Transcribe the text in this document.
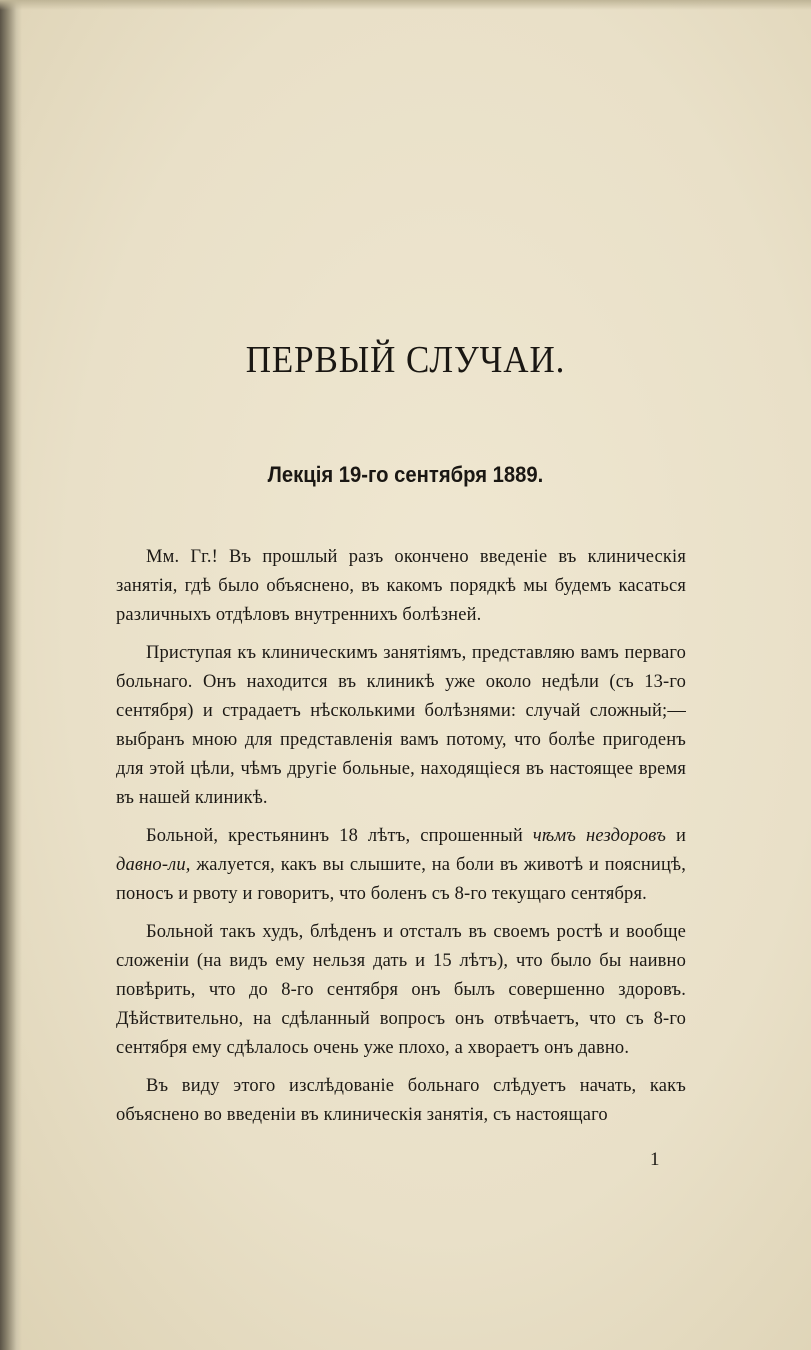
ПЕРВЫЙ СЛУЧАИ.
Лекція 19-го сентября 1889.

Мм. Гг.! Въ прошлый разъ окончено введеніе въ клиническія занятія, гдѣ было объяснено, въ какомъ порядкѣ мы будемъ касаться различныхъ отдѣловъ внутреннихъ болѣзней.

Приступая къ клиническимъ занятіямъ, представляю вамъ перваго больнаго. Онъ находится въ клиникѣ уже около недѣли (съ 13-го сентября) и страдаетъ нѣсколькими болѣзнями: случай сложный;—выбранъ мною для представленія вамъ потому, что болѣе пригоденъ для этой цѣли, чѣмъ другіе больные, находящіеся въ настоящее время въ нашей клиникѣ.

Больной, крестьянинъ 18 лѣтъ, спрошенный чѣмъ нездоровъ и давно-ли, жалуется, какъ вы слышите, на боли въ животѣ и поясницѣ, поносъ и рвоту и говоритъ, что боленъ съ 8-го текущаго сентября.

Больной такъ худъ, блѣденъ и отсталъ въ своемъ ростѣ и вообще сложеніи (на видъ ему нельзя дать и 15 лѣтъ), что было бы наивно повѣрить, что до 8-го сентября онъ былъ совершенно здоровъ. Дѣйствительно, на сдѣланный вопросъ онъ отвѣчаетъ, что съ 8-го сентября ему сдѣлалось очень уже плохо, а хвораетъ онъ давно.

Въ виду этого изслѣдованіе больнаго слѣдуетъ начать, какъ объяснено во введеніи въ клиническія занятія, съ настоящаго

1
